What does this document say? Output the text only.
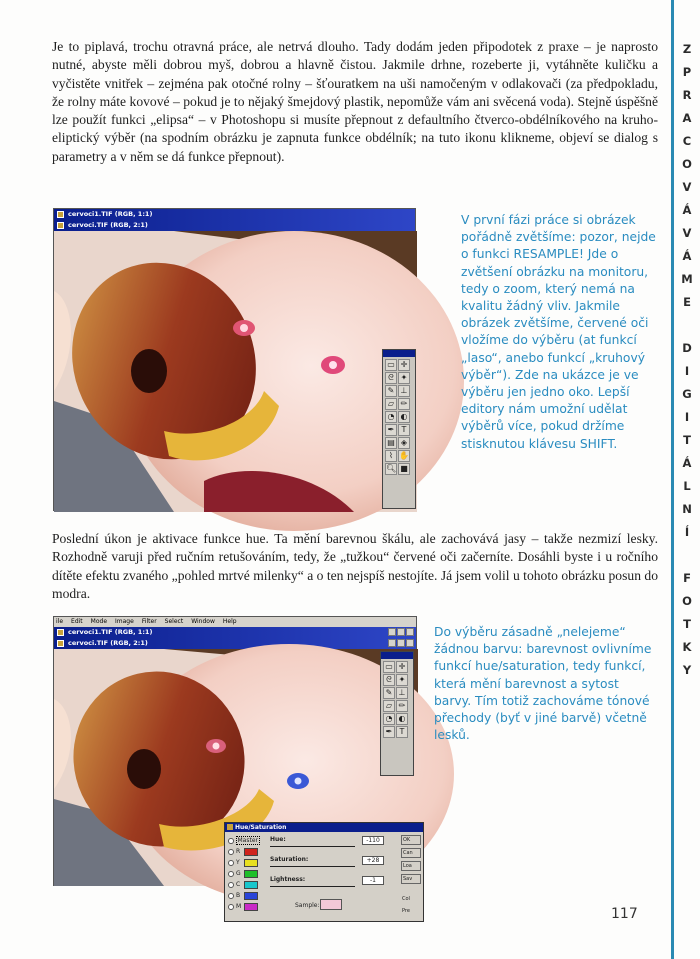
Z
P
R
A
C
O
V
Á
V
Á
M
E

D
I
G
I
T
Á
L
N
Í

F
O
T
K
Y

Je to piplavá, trochu otravná práce, ale netrvá dlouho. Tady dodám jeden připodotek z praxe – je naprosto nutné, abyste měli dobrou myš, dobrou a hlavně čistou. Jakmile drhne, rozeberte ji, vytáhněte kuličku a vyčistěte vnitřek – zejména pak otočné rolny – šťouratkem na uši namočeným v odlakovači (za předpokladu, že rolny máte kovové – pokud je to nějaký šmejdový plastik, nepomůže vám ani svěcená voda). Stejně úspěšně lze použít funkci „elipsa“ – v Photoshopu si musíte přepnout z defaultního čtverco-obdélníkového na kruho-eliptický výběr (na spodním obrázku je zapnuta funkce obdélník; na tuto ikonu klikneme, objeví se dialog s parametry a v něm se dá funkce přepnout).

cervoci1.TIF (RGB, 1:1)
cervoci.TIF (RGB, 2:1)
▭ ✛
ᘓ ✦
✎ ⊥
▱ ✏
◔ ◐
✒ T
▤ ◈
⌇ ✋
🔍︎ ■

V první fázi práce si obrázek pořádně zvětšíme: pozor, nejde o funkci RESAMPLE! Jde o zvětšení obrázku na monitoru, tedy o zoom, který nemá na kvalitu žádný vliv. Jakmile obrázek zvětšíme, červené oči vložíme do výběru (at funkcí „laso“, anebo funkcí „kruhový výběr“). Zde na ukázce je ve výběru jen jedno oko. Lepší editory nám umožní udělat výběrů více, pokud držíme stisknutou klávesu SHIFT.

Poslední úkon je aktivace funkce hue. Ta mění barevnou škálu, ale zachovává jasy – takže nezmizí lesky. Rozhodně varuji před ručním retušováním, tedy, že „tužkou“ červené oči začerníte. Dosáhli byste i u ročního dítěte efektu zvaného „pohled mrtvé milenky“ a o ten nejspíš nestojíte. Já jsem volil u tohoto obrázku posun do modra.

ile Edit Mode Image Filter Select Window Help
cervoci1.TIF (RGB, 1:1)
cervoci.TIF (RGB, 2:1)
▭ ✛
ᘓ ✦
✎ ⊥
▱ ✏
◔ ◐
✒ T
Hue/Saturation
Master
R
Y
G
C
B
M
Hue:	-110
Saturation:	+28
Lightness:	-1
Sample:
OK
Can
Loa
Sav
Col
Pre

Do výběru zásadně „nelejeme“ žádnou barvu: barevnost ovlivníme funkcí hue/saturation, tedy funkcí, která mění barevnost a sytost barvy. Tím totiž zachováme tónové přechody (byť v jiné barvě) včetně lesků.

117
